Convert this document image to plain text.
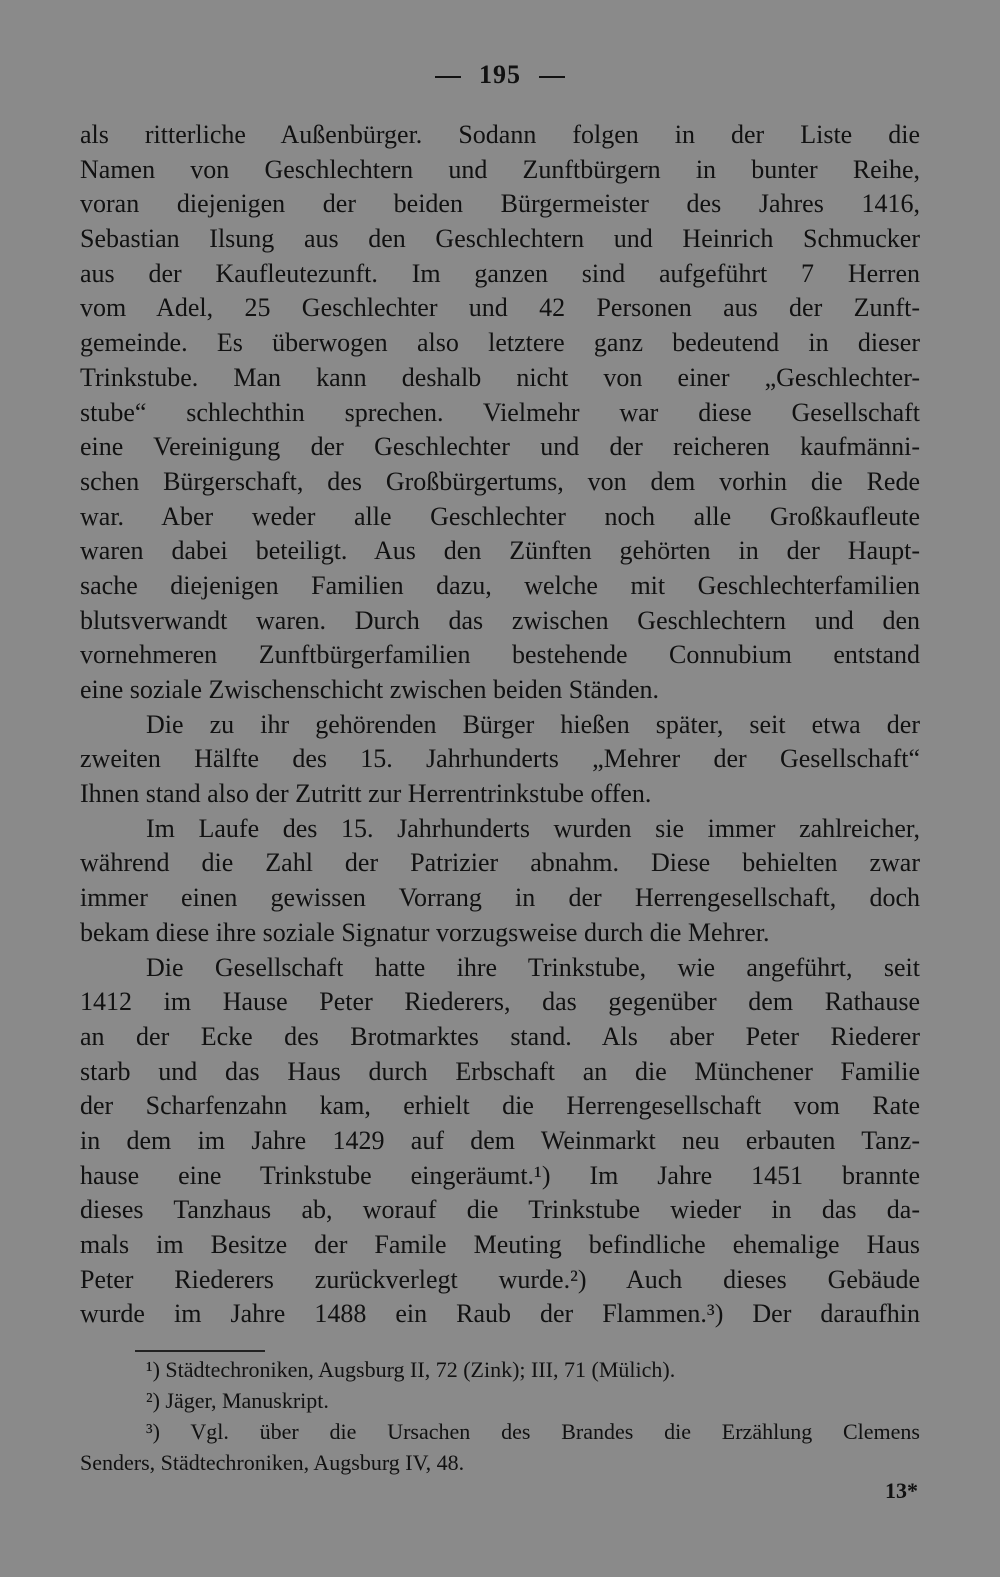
195
als ritterliche Außenbürger. Sodann folgen in der Liste die
Namen von Geschlechtern und Zunftbürgern in bunter Reihe,
voran diejenigen der beiden Bürgermeister des Jahres 1416,
Sebastian Ilsung aus den Geschlechtern und Heinrich Schmucker
aus der Kaufleutezunft. Im ganzen sind aufgeführt 7 Herren
vom Adel, 25 Geschlechter und 42 Personen aus der Zunft-
gemeinde. Es überwogen also letztere ganz bedeutend in dieser
Trinkstube. Man kann deshalb nicht von einer „Geschlechter-
stube“ schlechthin sprechen. Vielmehr war diese Gesellschaft
eine Vereinigung der Geschlechter und der reicheren kaufmänni-
schen Bürgerschaft, des Großbürgertums, von dem vorhin die Rede
war. Aber weder alle Geschlechter noch alle Großkaufleute
waren dabei beteiligt. Aus den Zünften gehörten in der Haupt-
sache diejenigen Familien dazu, welche mit Geschlechterfamilien
blutsverwandt waren. Durch das zwischen Geschlechtern und den
vornehmeren Zunftbürgerfamilien bestehende Connubium entstand
eine soziale Zwischenschicht zwischen beiden Ständen.
Die zu ihr gehörenden Bürger hießen später, seit etwa der
zweiten Hälfte des 15. Jahrhunderts „Mehrer der Gesellschaft“
Ihnen stand also der Zutritt zur Herrentrinkstube offen.
Im Laufe des 15. Jahrhunderts wurden sie immer zahlreicher,
während die Zahl der Patrizier abnahm. Diese behielten zwar
immer einen gewissen Vorrang in der Herrengesellschaft, doch
bekam diese ihre soziale Signatur vorzugsweise durch die Mehrer.
Die Gesellschaft hatte ihre Trinkstube, wie angeführt, seit
1412 im Hause Peter Riederers, das gegenüber dem Rathause
an der Ecke des Brotmarktes stand. Als aber Peter Riederer
starb und das Haus durch Erbschaft an die Münchener Familie
der Scharfenzahn kam, erhielt die Herrengesellschaft vom Rate
in dem im Jahre 1429 auf dem Weinmarkt neu erbauten Tanz-
hause eine Trinkstube eingeräumt.¹) Im Jahre 1451 brannte
dieses Tanzhaus ab, worauf die Trinkstube wieder in das da-
mals im Besitze der Famile Meuting befindliche ehemalige Haus
Peter Riederers zurückverlegt wurde.²) Auch dieses Gebäude
wurde im Jahre 1488 ein Raub der Flammen.³) Der daraufhin
¹) Städtechroniken, Augsburg II, 72 (Zink); III, 71 (Mülich).
²) Jäger, Manuskript.
³) Vgl. über die Ursachen des Brandes die Erzählung Clemens
Senders, Städtechroniken, Augsburg IV, 48.
13*
